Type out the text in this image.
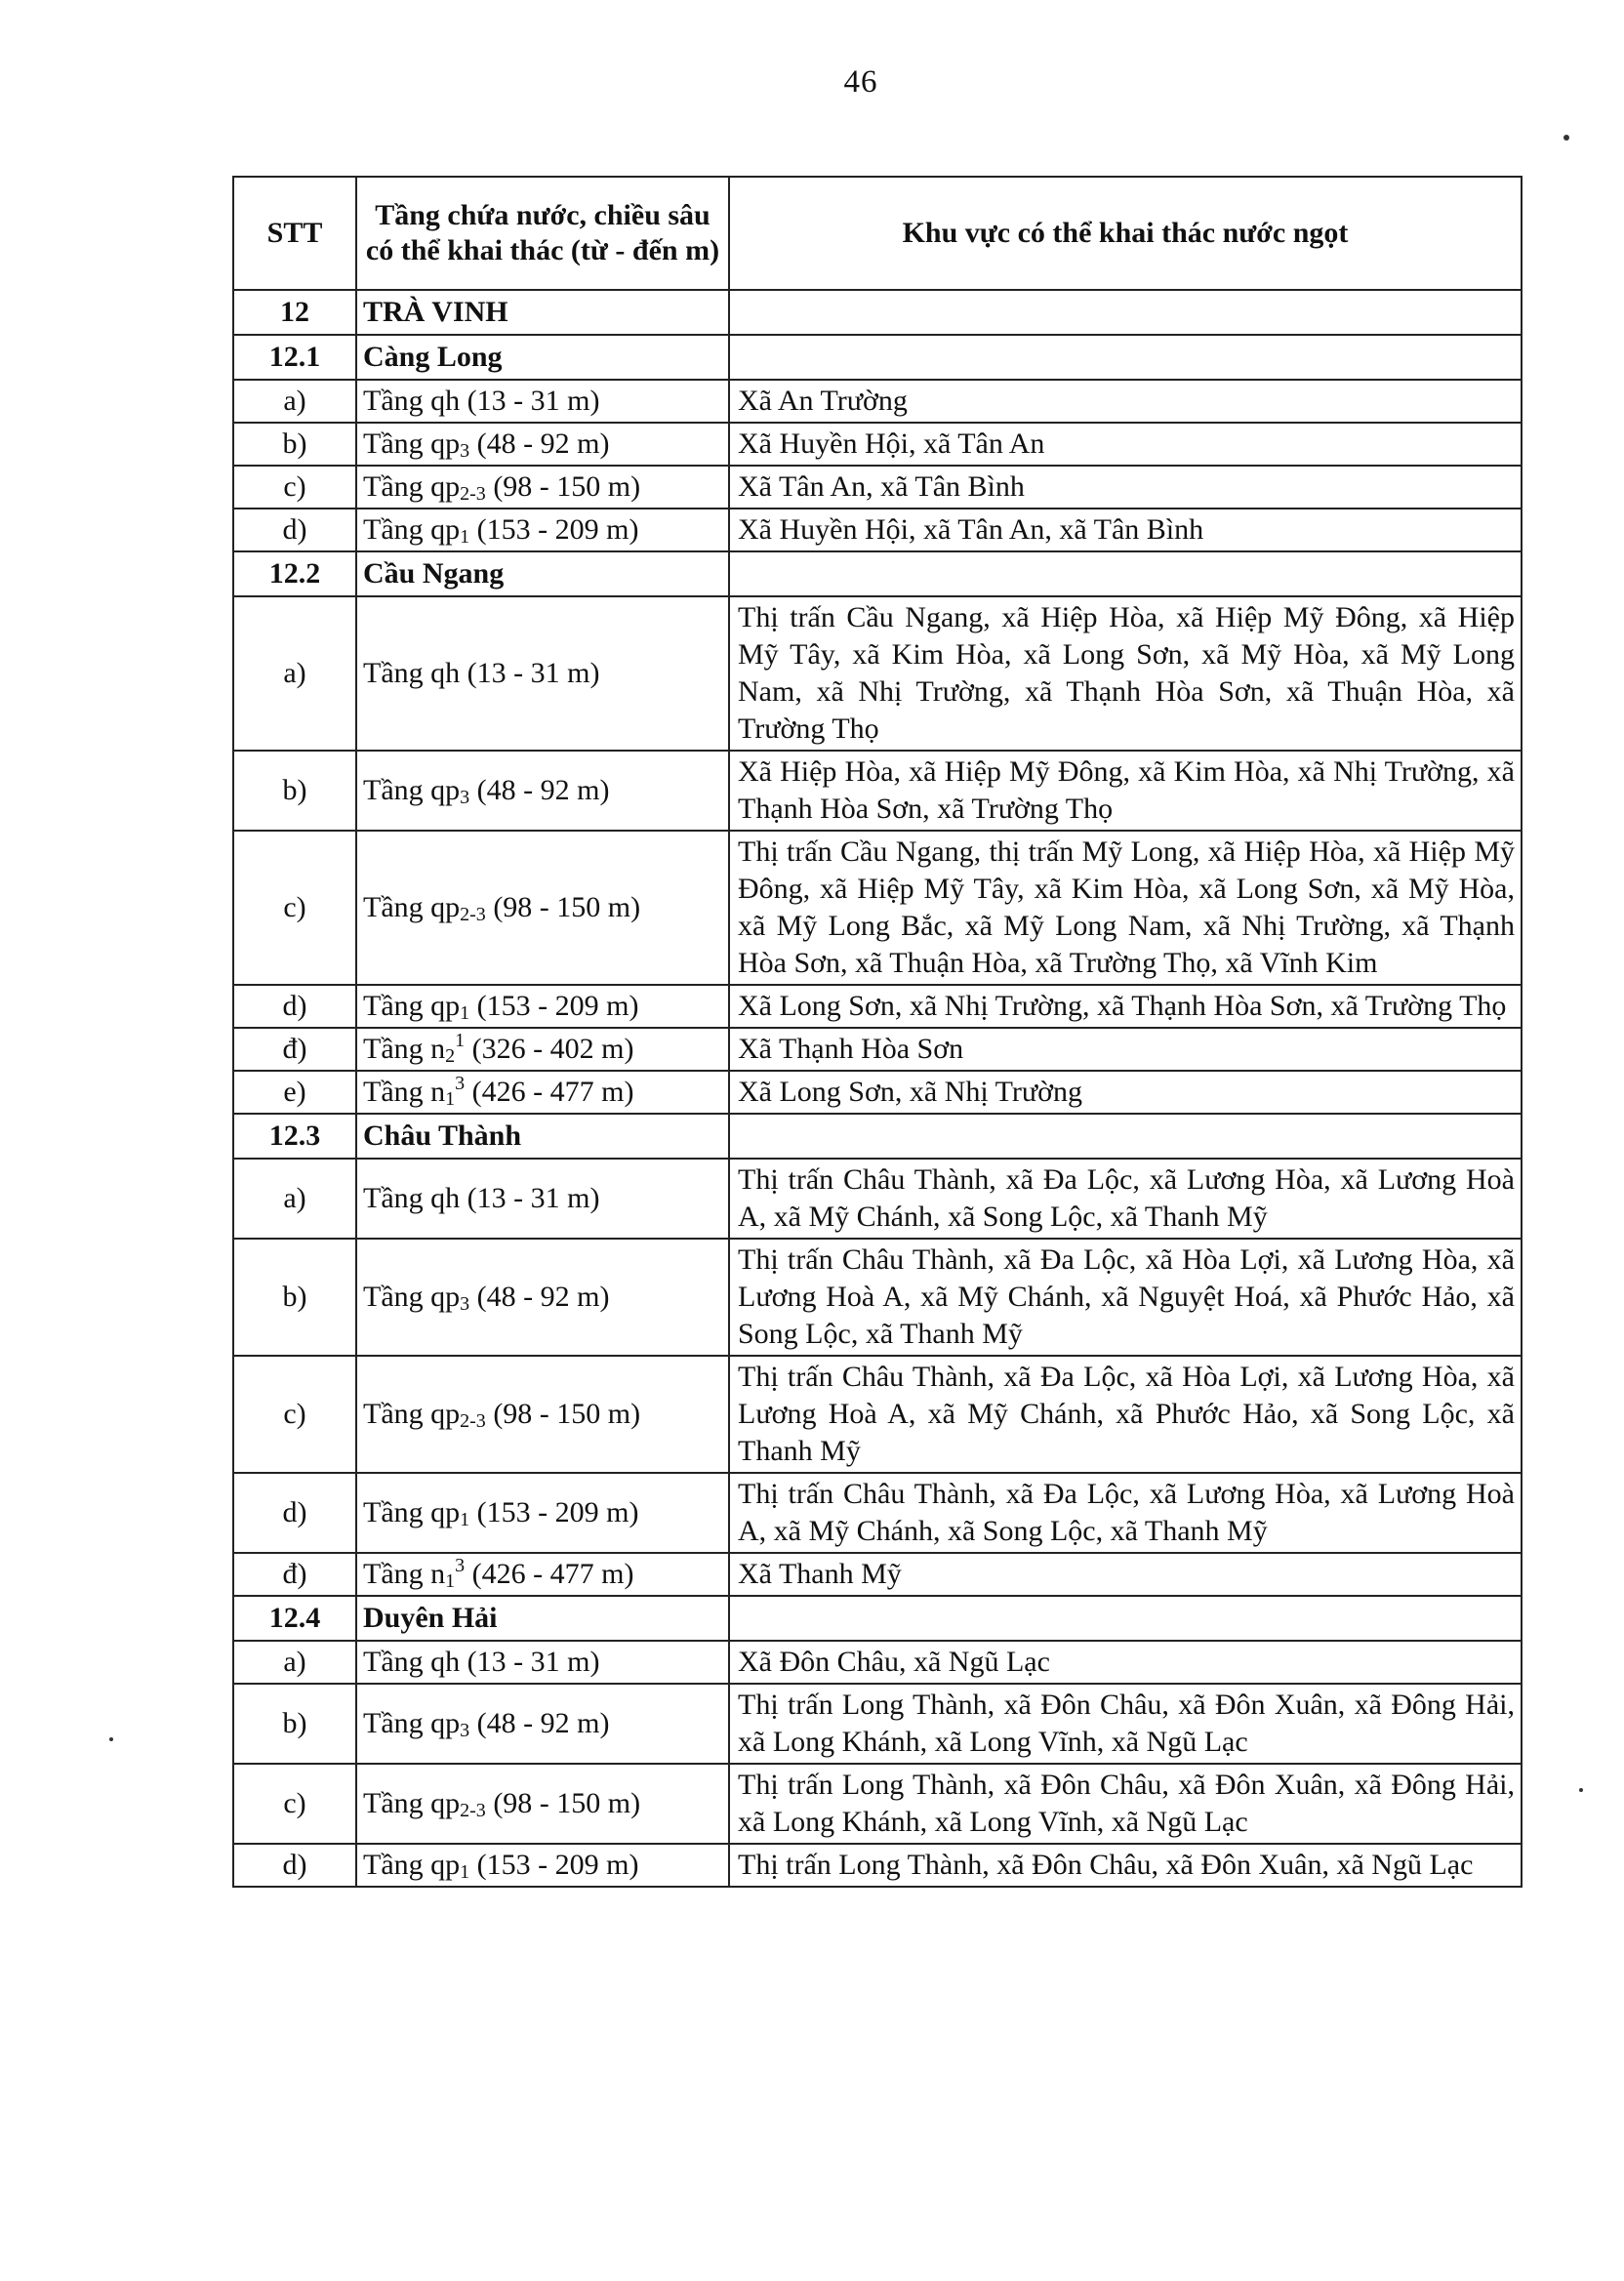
46
STT	Tầng chứa nước, chiều sâu có thể khai thác (từ - đến m)	Khu vực có thể khai thác nước ngọt
12	TRÀ VINH	
12.1	Càng Long	
a)	Tầng qh (13 - 31 m)	Xã An Trường
b)	Tầng $qp_3$ (48 - 92 m)	Xã Huyền Hội, xã Tân An
c)	Tầng $qp_{2-3}$ (98 - 150 m)	Xã Tân An, xã Tân Bình
d)	Tầng $qp_1$ (153 - 209 m)	Xã Huyền Hội, xã Tân An, xã Tân Bình
12.2	Cầu Ngang	
a)	Tầng qh (13 - 31 m)	Thị trấn Cầu Ngang, xã Hiệp Hòa, xã Hiệp Mỹ Đông, xã Hiệp Mỹ Tây, xã Kim Hòa, xã Long Sơn, xã Mỹ Hòa, xã Mỹ Long Nam, xã Nhị Trường, xã Thạnh Hòa Sơn, xã Thuận Hòa, xã Trường Thọ
b)	Tầng $qp_3$ (48 - 92 m)	Xã Hiệp Hòa, xã Hiệp Mỹ Đông, xã Kim Hòa, xã Nhị Trường, xã Thạnh Hòa Sơn, xã Trường Thọ
c)	Tầng $qp_{2-3}$ (98 - 150 m)	Thị trấn Cầu Ngang, thị trấn Mỹ Long, xã Hiệp Hòa, xã Hiệp Mỹ Đông, xã Hiệp Mỹ Tây, xã Kim Hòa, xã Long Sơn, xã Mỹ Hòa, xã Mỹ Long Bắc, xã Mỹ Long Nam, xã Nhị Trường, xã Thạnh Hòa Sơn, xã Thuận Hòa, xã Trường Thọ, xã Vĩnh Kim
d)	Tầng $qp_1$ (153 - 209 m)	Xã Long Sơn, xã Nhị Trường, xã Thạnh Hòa Sơn, xã Trường Thọ
đ)	Tầng $n_2^1$ (326 - 402 m)	Xã Thạnh Hòa Sơn
e)	Tầng $n_1^3$ (426 - 477 m)	Xã Long Sơn, xã Nhị Trường
12.3	Châu Thành	
a)	Tầng qh (13 - 31 m)	Thị trấn Châu Thành, xã Đa Lộc, xã Lương Hòa, xã Lương Hoà A, xã Mỹ Chánh, xã Song Lộc, xã Thanh Mỹ
b)	Tầng $qp_3$ (48 - 92 m)	Thị trấn Châu Thành, xã Đa Lộc, xã Hòa Lợi, xã Lương Hòa, xã Lương Hoà A, xã Mỹ Chánh, xã Nguyệt Hoá, xã Phước Hảo, xã Song Lộc, xã Thanh Mỹ
c)	Tầng $qp_{2-3}$ (98 - 150 m)	Thị trấn Châu Thành, xã Đa Lộc, xã Hòa Lợi, xã Lương Hòa, xã Lương Hoà A, xã Mỹ Chánh, xã Phước Hảo, xã Song Lộc, xã Thanh Mỹ
d)	Tầng $qp_1$ (153 - 209 m)	Thị trấn Châu Thành, xã Đa Lộc, xã Lương Hòa, xã Lương Hoà A, xã Mỹ Chánh, xã Song Lộc, xã Thanh Mỹ
đ)	Tầng $n_1^3$ (426 - 477 m)	Xã Thanh Mỹ
12.4	Duyên Hải	
a)	Tầng qh (13 - 31 m)	Xã Đôn Châu, xã Ngũ Lạc
b)	Tầng $qp_3$ (48 - 92 m)	Thị trấn Long Thành, xã Đôn Châu, xã Đôn Xuân, xã Đông Hải, xã Long Khánh, xã Long Vĩnh, xã Ngũ Lạc
c)	Tầng $qp_{2-3}$ (98 - 150 m)	Thị trấn Long Thành, xã Đôn Châu, xã Đôn Xuân, xã Đông Hải, xã Long Khánh, xã Long Vĩnh, xã Ngũ Lạc
d)	Tầng $qp_1$ (153 - 209 m)	Thị trấn Long Thành, xã Đôn Châu, xã Đôn Xuân, xã Ngũ Lạc
